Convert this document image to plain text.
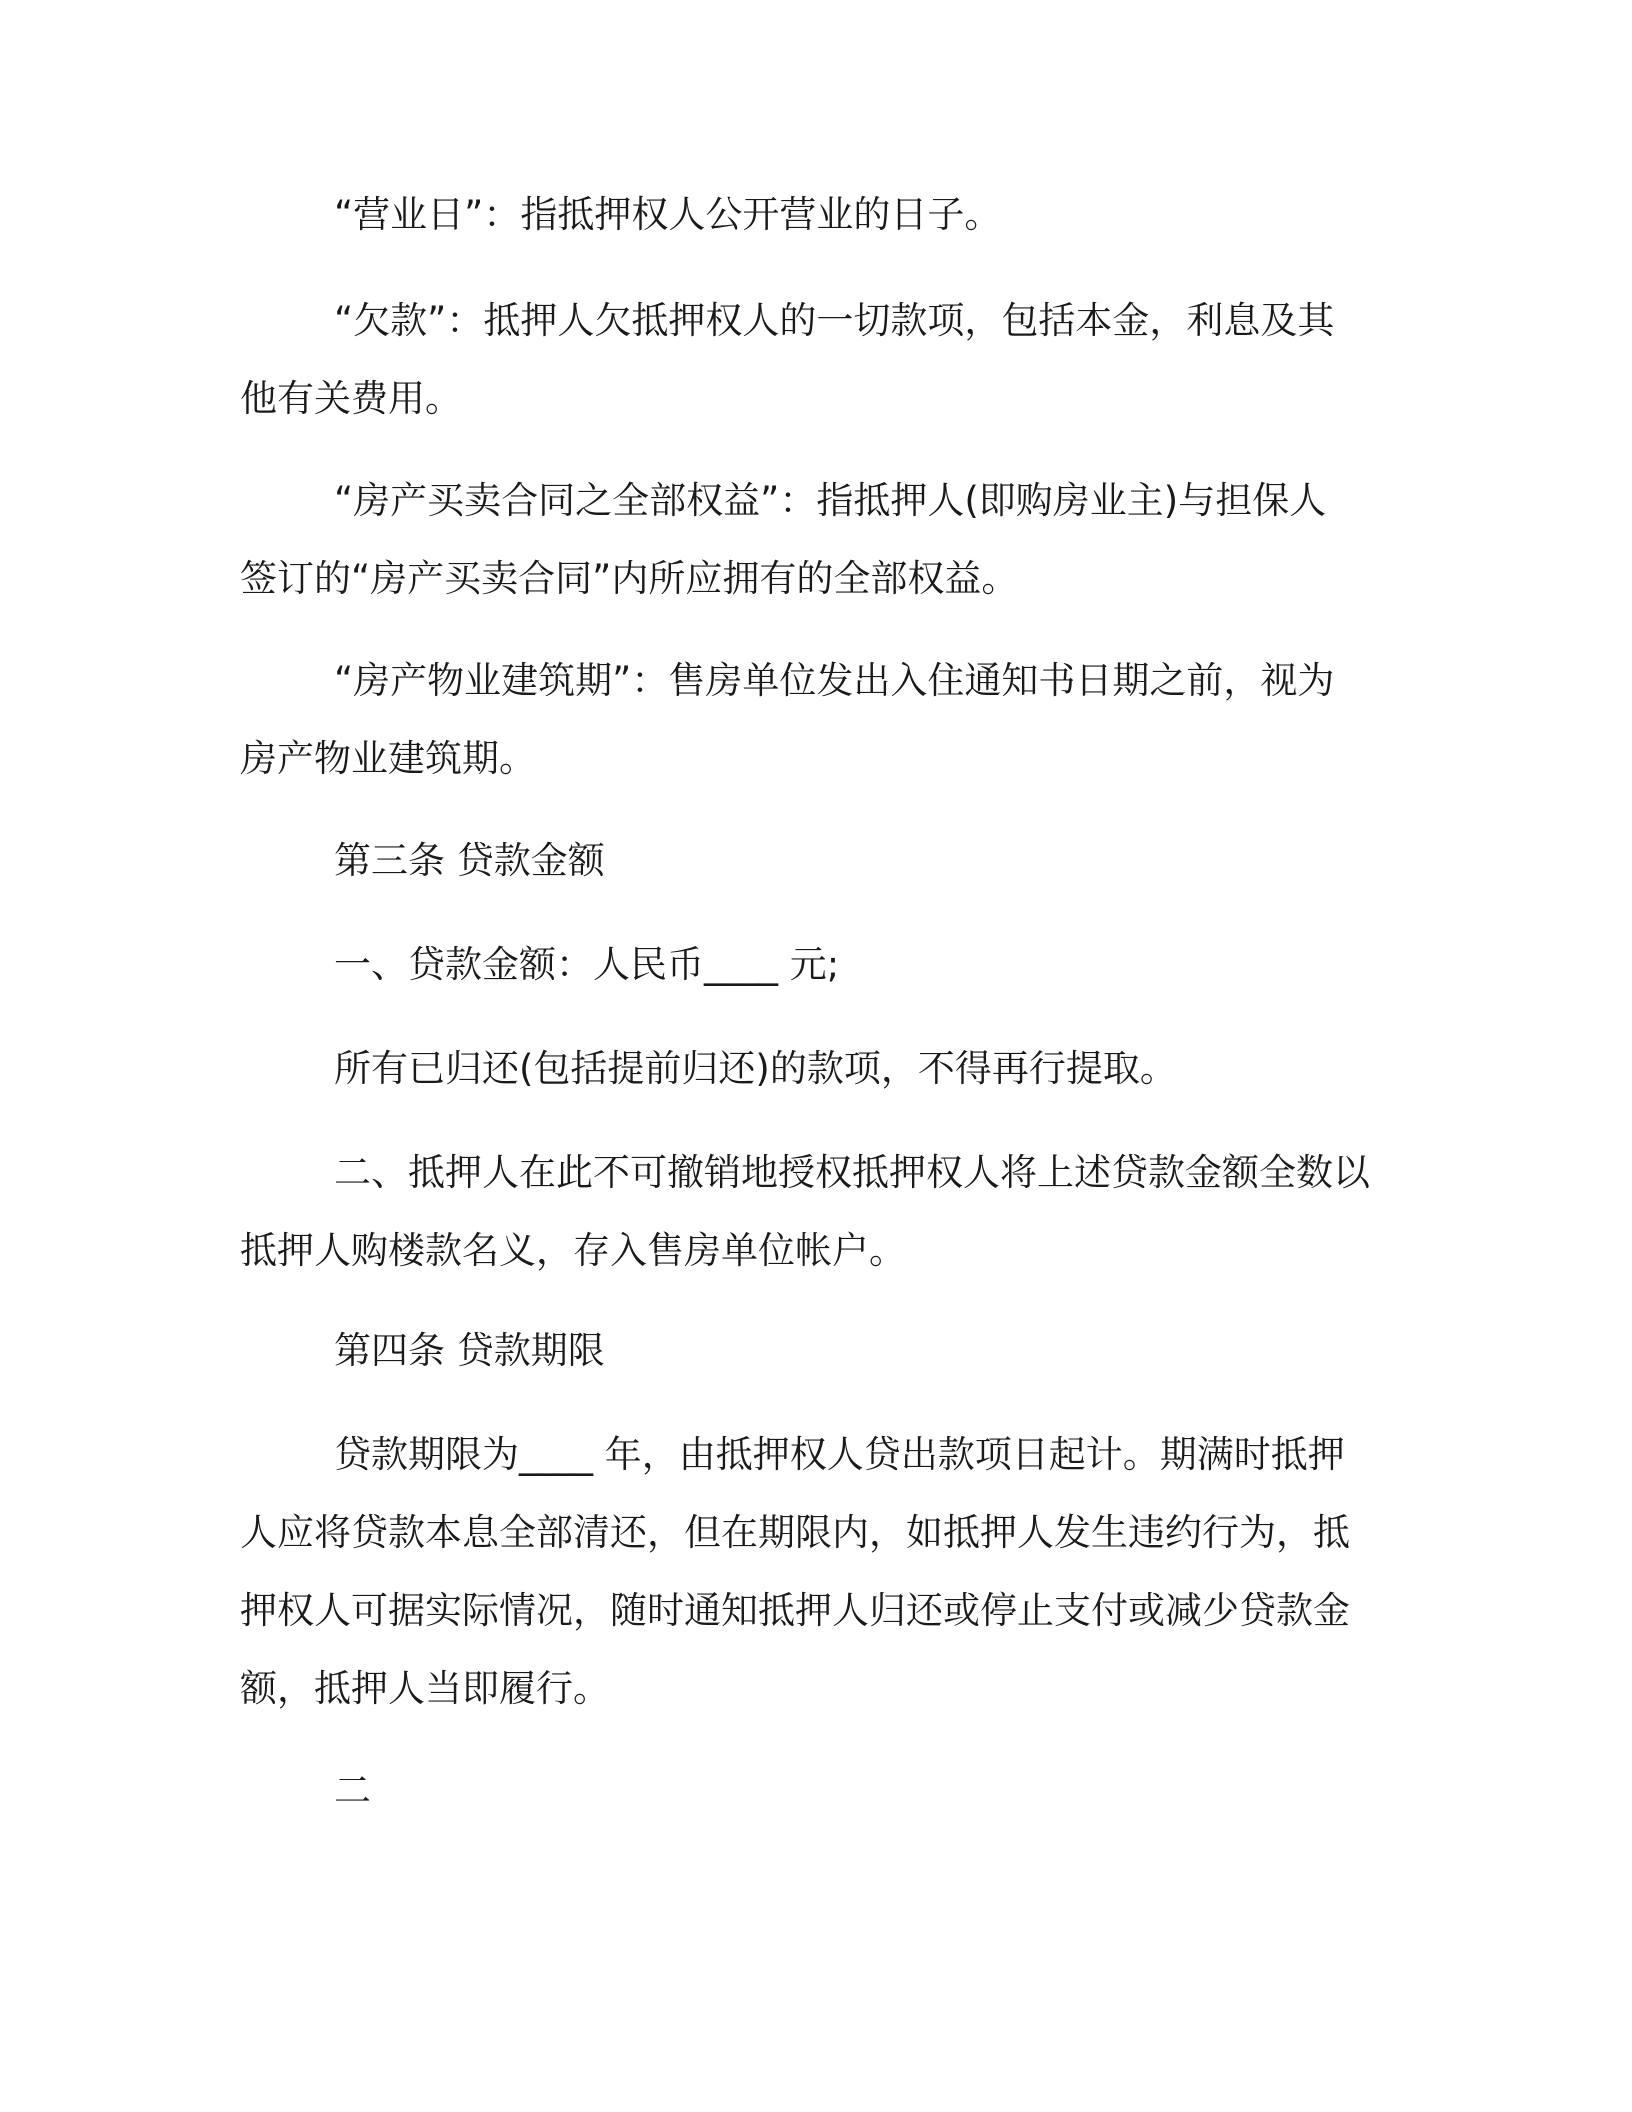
“营业日”：指抵押权人公开营业的日子。

“欠款”：抵押人欠抵押权人的一切款项，包括本金，利息及其
他有关费用。

“房产买卖合同之全部权益”：指抵押人(即购房业主)与担保人
签订的“房产买卖合同”内所应拥有的全部权益。

“房产物业建筑期”：售房单位发出入住通知书日期之前，视为
房产物业建筑期。

第三条 贷款金额

一、贷款金额：人民币____ 元;

所有已归还(包括提前归还)的款项，不得再行提取。

二、抵押人在此不可撤销地授权抵押权人将上述贷款金额全数以
抵押人购楼款名义，存入售房单位帐户。

第四条 贷款期限

贷款期限为____ 年，由抵押权人贷出款项日起计。期满时抵押
人应将贷款本息全部清还，但在期限内，如抵押人发生违约行为，抵
押权人可据实际情况，随时通知抵押人归还或停止支付或减少贷款金
额，抵押人当即履行。

二
